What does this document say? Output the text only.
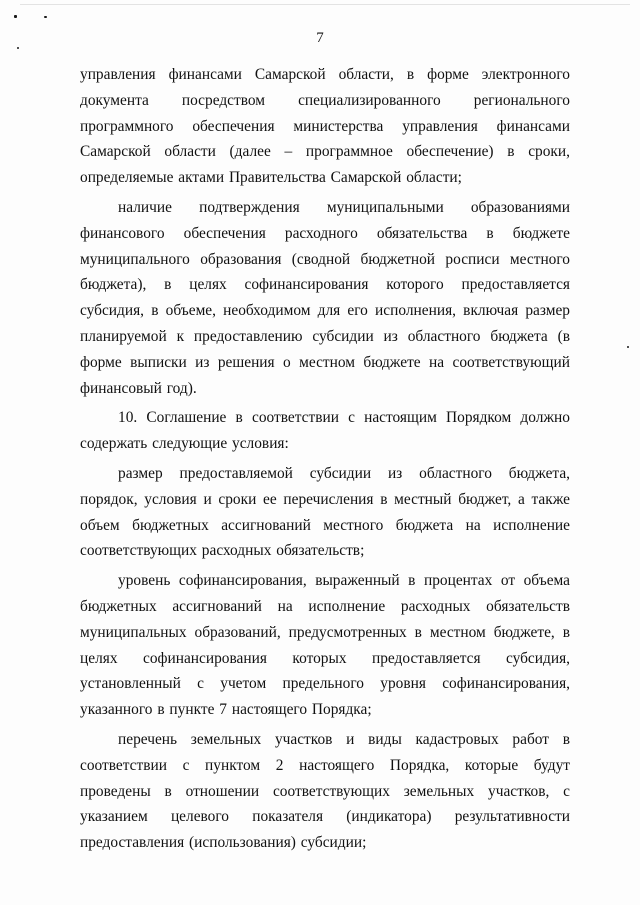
7

управления финансами Самарской области, в форме электронного документа посредством специализированного регионального программного обеспечения министерства управления финансами Самарской области (далее – программное обеспечение) в сроки, определяемые актами Правительства Самарской области;

наличие подтверждения муниципальными образованиями финансового обеспечения расходного обязательства в бюджете муниципального образования (сводной бюджетной росписи местного бюджета), в целях софинансирования которого предоставляется субсидия, в объеме, необходимом для его исполнения, включая размер планируемой к предоставлению субсидии из областного бюджета (в форме выписки из решения о местном бюджете на соответствующий финансовый год).

10. Соглашение в соответствии с настоящим Порядком должно содержать следующие условия:

размер предоставляемой субсидии из областного бюджета, порядок, условия и сроки ее перечисления в местный бюджет, а также объем бюджетных ассигнований местного бюджета на исполнение соответствующих расходных обязательств;

уровень софинансирования, выраженный в процентах от объема бюджетных ассигнований на исполнение расходных обязательств муниципальных образований, предусмотренных в местном бюджете, в целях софинансирования которых предоставляется субсидия, установленный с учетом предельного уровня софинансирования, указанного в пункте 7 настоящего Порядка;

перечень земельных участков и виды кадастровых работ в соответствии с пунктом 2 настоящего Порядка, которые будут проведены в отношении соответствующих земельных участков, с указанием целевого показателя (индикатора) результативности предоставления (использования) субсидии;
